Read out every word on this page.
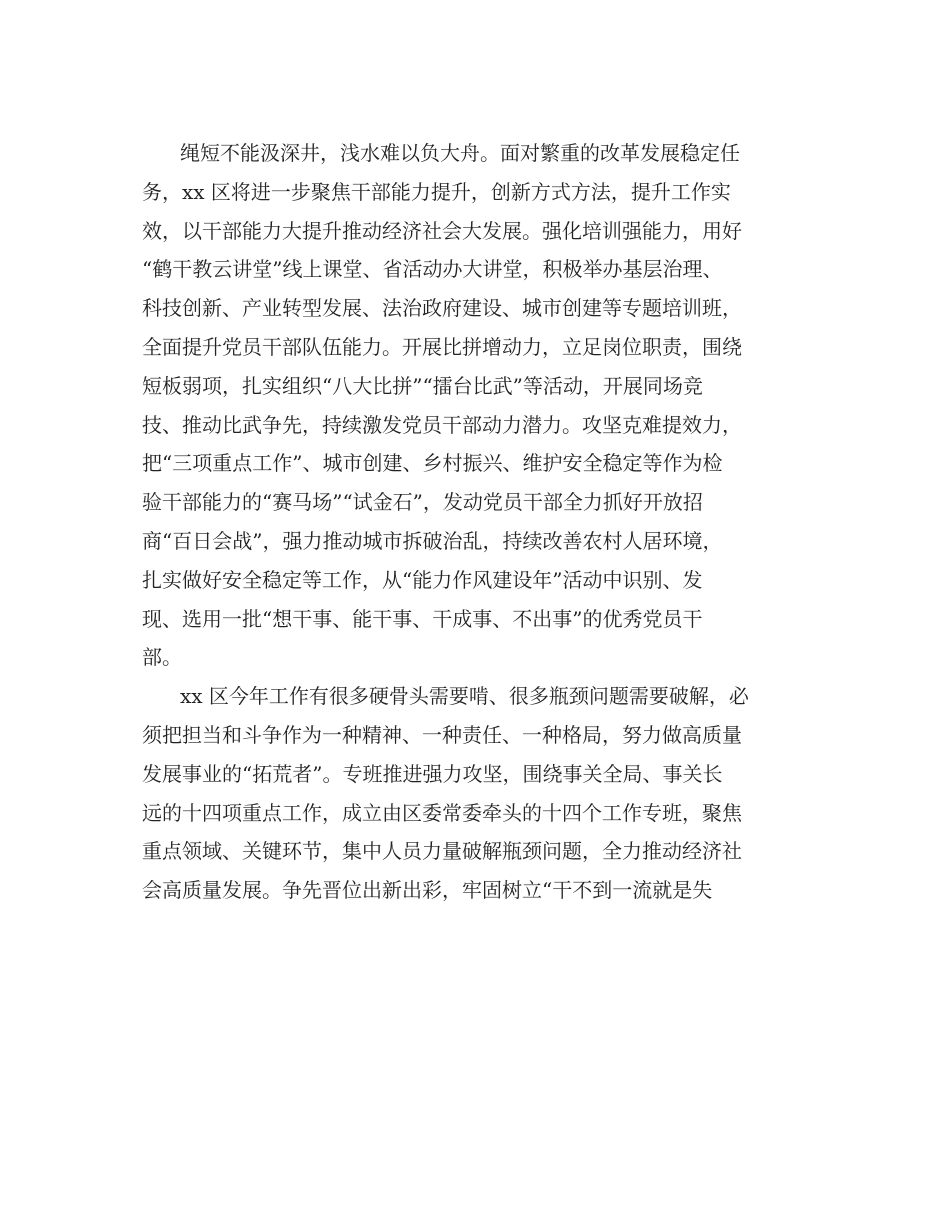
绳短不能汲深井，浅水难以负大舟。面对繁重的改革发展稳定任
务，xx 区将进一步聚焦干部能力提升，创新方式方法，提升工作实
效，以干部能力大提升推动经济社会大发展。强化培训强能力，用好
“鹤干教云讲堂”线上课堂、省活动办大讲堂，积极举办基层治理、
科技创新、产业转型发展、法治政府建设、城市创建等专题培训班，
全面提升党员干部队伍能力。开展比拼增动力，立足岗位职责，围绕
短板弱项，扎实组织“八大比拼”“擂台比武”等活动，开展同场竞
技、推动比武争先，持续激发党员干部动力潜力。攻坚克难提效力，
把“三项重点工作”、城市创建、乡村振兴、维护安全稳定等作为检
验干部能力的“赛马场”“试金石”，发动党员干部全力抓好开放招
商“百日会战”，强力推动城市拆破治乱，持续改善农村人居环境，
扎实做好安全稳定等工作，从“能力作风建设年”活动中识别、发
现、选用一批“想干事、能干事、干成事、不出事”的优秀党员干
部。
xx 区今年工作有很多硬骨头需要啃、很多瓶颈问题需要破解，必
须把担当和斗争作为一种精神、一种责任、一种格局，努力做高质量
发展事业的“拓荒者”。专班推进强力攻坚，围绕事关全局、事关长
远的十四项重点工作，成立由区委常委牵头的十四个工作专班，聚焦
重点领域、关键环节，集中人员力量破解瓶颈问题，全力推动经济社
会高质量发展。争先晋位出新出彩，牢固树立“干不到一流就是失
